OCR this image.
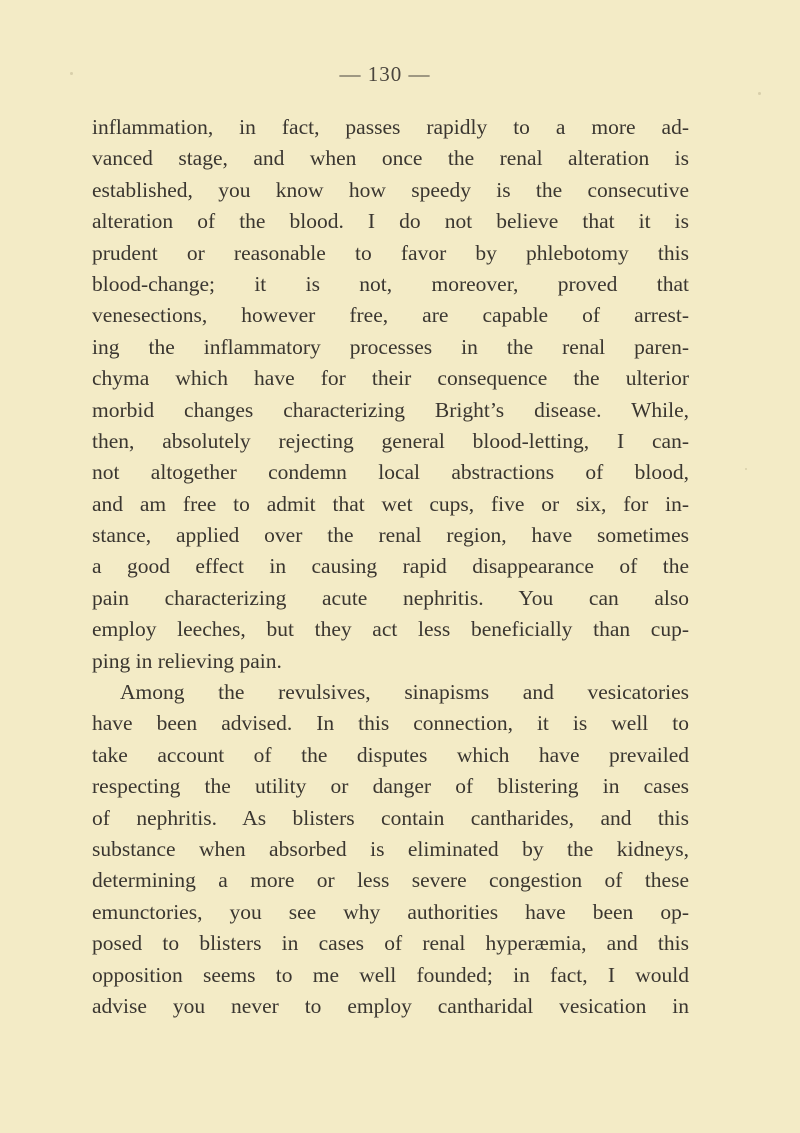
— 130 —
inflammation, in fact, passes rapidly to a more ad-
vanced stage, and when once the renal alteration is
established, you know how speedy is the consecutive
alteration of the blood. I do not believe that it is
prudent or reasonable to favor by phlebotomy this
blood-change; it is not, moreover, proved that
venesections, however free, are capable of arrest-
ing the inflammatory processes in the renal paren-
chyma which have for their consequence the ulterior
morbid changes characterizing Bright’s disease. While,
then, absolutely rejecting general blood-letting, I can-
not altogether condemn local abstractions of blood,
and am free to admit that wet cups, five or six, for in-
stance, applied over the renal region, have sometimes
a good effect in causing rapid disappearance of the
pain characterizing acute nephritis. You can also
employ leeches, but they act less beneficially than cup-
ping in relieving pain.
Among the revulsives, sinapisms and vesicatories
have been advised. In this connection, it is well to
take account of the disputes which have prevailed
respecting the utility or danger of blistering in cases
of nephritis. As blisters contain cantharides, and this
substance when absorbed is eliminated by the kidneys,
determining a more or less severe congestion of these
emunctories, you see why authorities have been op-
posed to blisters in cases of renal hyperæmia, and this
opposition seems to me well founded; in fact, I would
advise you never to employ cantharidal vesication in
